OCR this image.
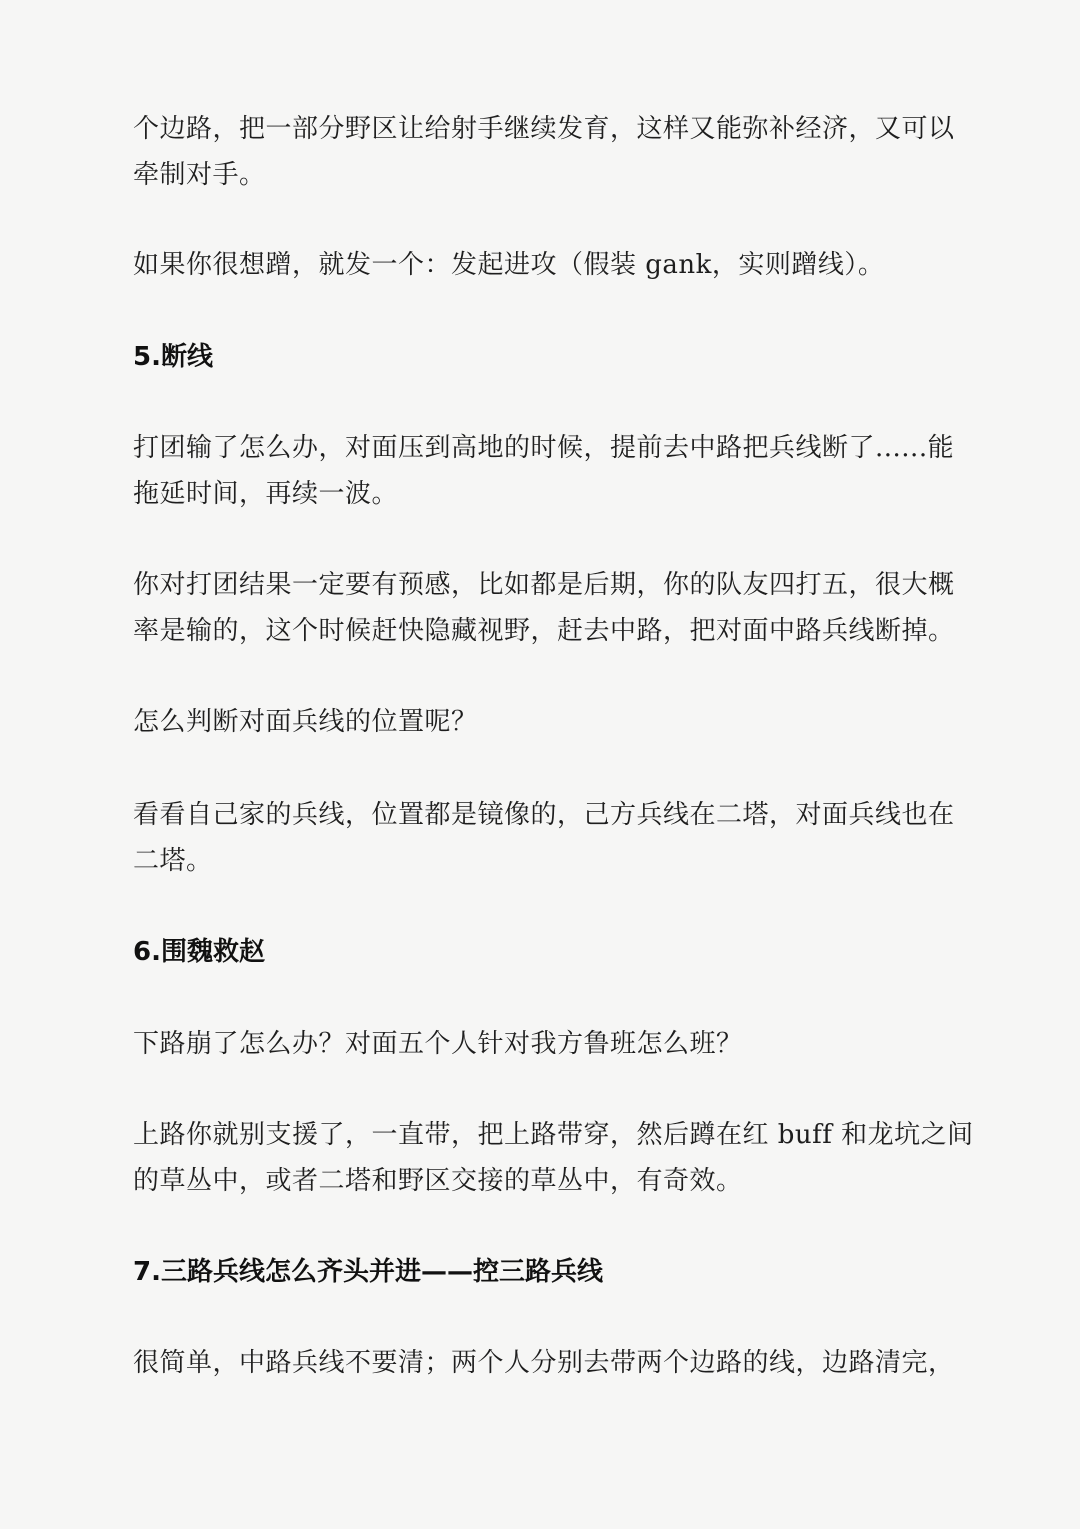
个边路，把一部分野区让给射手继续发育，这样又能弥补经济，又可以
牵制对手。

如果你很想蹭，就发一个：发起进攻（假装 gank，实则蹭线）。

5.断线

打团输了怎么办，对面压到高地的时候，提前去中路把兵线断了......能
拖延时间，再续一波。

你对打团结果一定要有预感，比如都是后期，你的队友四打五，很大概
率是输的，这个时候赶快隐藏视野，赶去中路，把对面中路兵线断掉。

怎么判断对面兵线的位置呢？

看看自己家的兵线，位置都是镜像的，己方兵线在二塔，对面兵线也在
二塔。

6.围魏救赵

下路崩了怎么办？对面五个人针对我方鲁班怎么班？

上路你就别支援了，一直带，把上路带穿，然后蹲在红 buff 和龙坑之间
的草丛中，或者二塔和野区交接的草丛中，有奇效。

7.三路兵线怎么齐头并进——控三路兵线

很简单，中路兵线不要清；两个人分别去带两个边路的线，边路清完，
